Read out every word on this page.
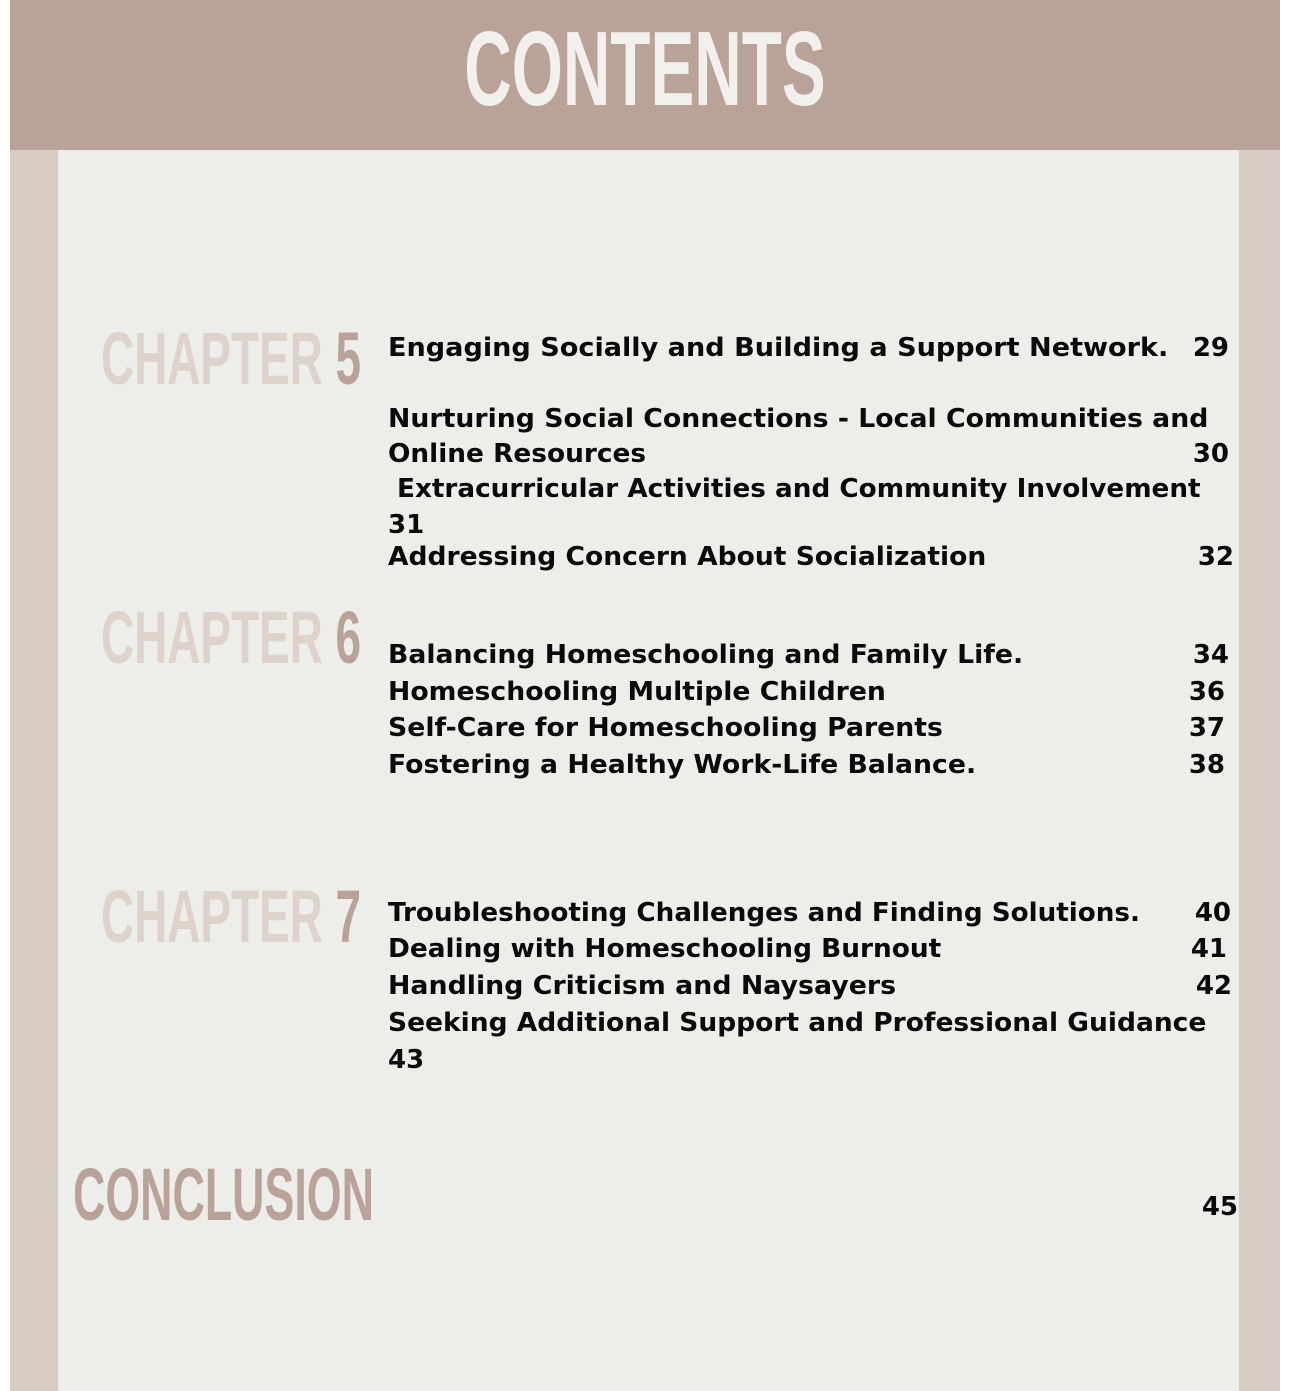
CONTENTS
CHAPTER 5 Engaging Socially and Building a Support Network. 29
Nurturing Social Connections - Local Communities and
Online Resources	30
Extracurricular Activities and Community Involvement
31
Addressing Concern About Socialization	32
CHAPTER 6 Balancing Homeschooling and Family Life.	34
Homeschooling Multiple Children	36
Self-Care for Homeschooling Parents	37
Fostering a Healthy Work-Life Balance.	38
CHAPTER 7 Troubleshooting Challenges and Finding Solutions.	40
Dealing with Homeschooling Burnout	41
Handling Criticism and Naysayers	42
Seeking Additional Support and Professional Guidance
43
CONCLUSION	45
